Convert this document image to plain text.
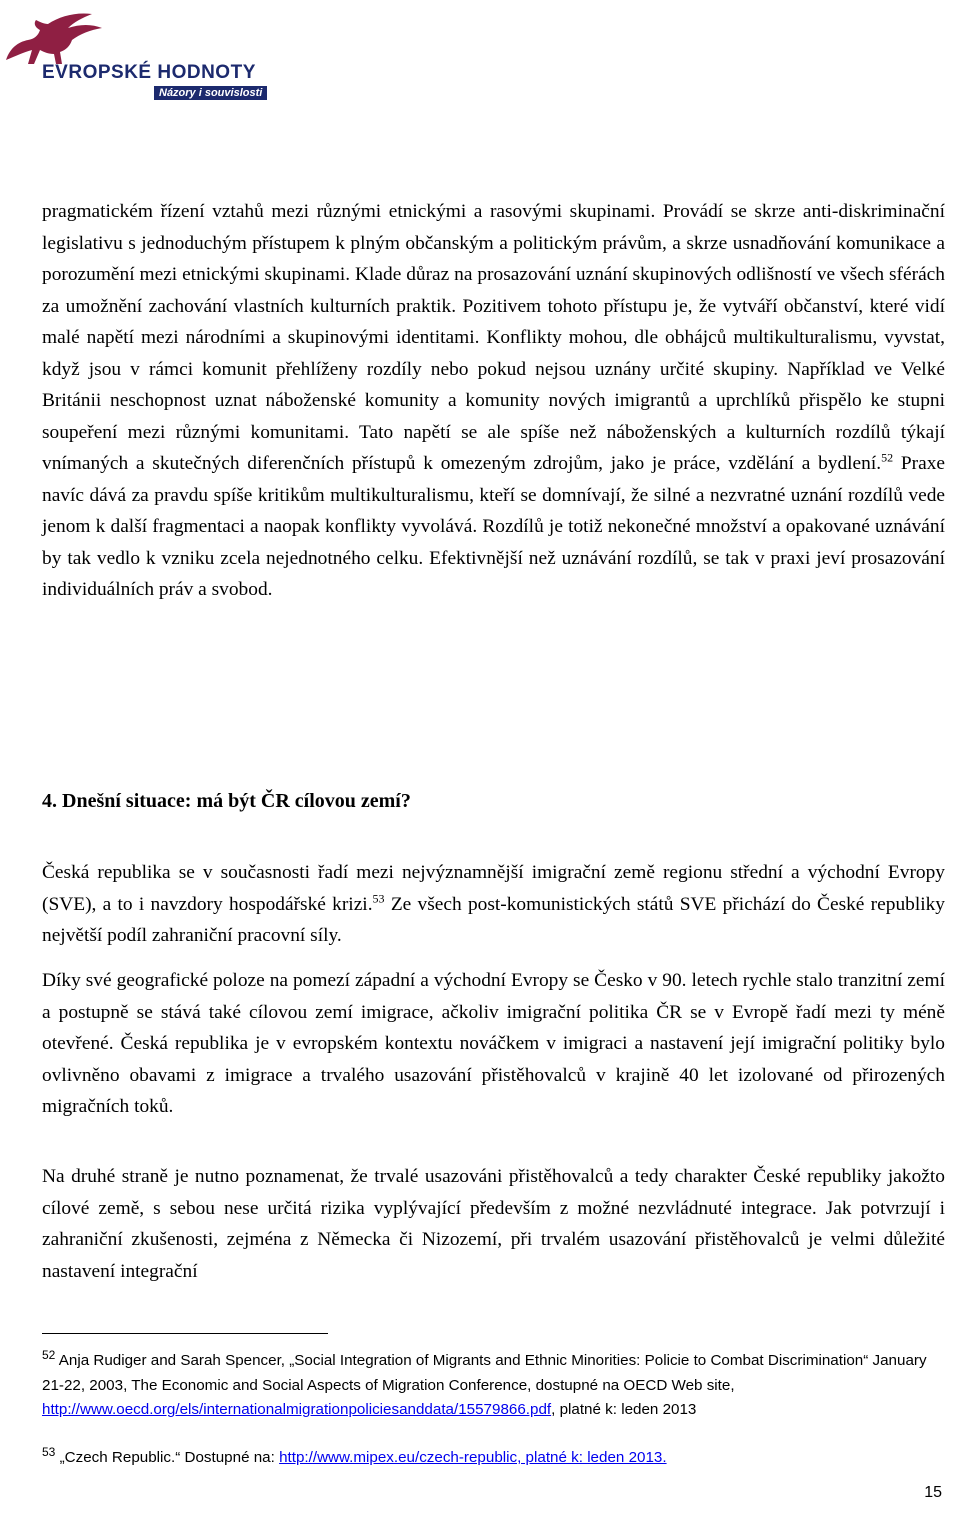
EVROPSKÉ HODNOTY
Názory i souvislosti

pragmatickém řízení vztahů mezi různými etnickými a rasovými skupinami. Provádí se skrze anti-diskriminační legislativu s jednoduchým přístupem k plným občanským a politickým právům, a skrze usnadňování komunikace a porozumění mezi etnickými skupinami. Klade důraz na prosazování uznání skupinových odlišností ve všech sférách za umožnění zachování vlastních kulturních praktik. Pozitivem tohoto přístupu je, že vytváří občanství, které vidí malé napětí mezi národními a skupinovými identitami. Konflikty mohou, dle obhájců multikulturalismu, vyvstat, když jsou v rámci komunit přehlíženy rozdíly nebo pokud nejsou uznány určité skupiny. Například ve Velké Británii neschopnost uznat náboženské komunity a komunity nových imigrantů a uprchlíků přispělo ke stupni soupeření mezi různými komunitami. Tato napětí se ale spíše než náboženských a kulturních rozdílů týkají vnímaných a skutečných diferenčních přístupů k omezeným zdrojům, jako je práce, vzdělání a bydlení.$^{52}$ Praxe navíc dává za pravdu spíše kritikům multikulturalismu, kteří se domnívají, že silné a nezvratné uznání rozdílů vede jenom k další fragmentaci a naopak konflikty vyvolává. Rozdílů je totiž nekonečné množství a opakované uznávání by tak vedlo k vzniku zcela nejednotného celku. Efektivnější než uznávání rozdílů, se tak v praxi jeví prosazování individuálních práv a svobod.

4. Dnešní situace: má být ČR cílovou zemí?

Česká republika se v současnosti řadí mezi nejvýznamnější imigrační země regionu střední a východní Evropy (SVE), a to i navzdory hospodářské krizi.$^{53}$ Ze všech post-komunistických států SVE přichází do České republiky největší podíl zahraniční pracovní síly.

Díky své geografické poloze na pomezí západní a východní Evropy se Česko v 90. letech rychle stalo tranzitní zemí a postupně se stává také cílovou zemí imigrace, ačkoliv imigrační politika ČR se v Evropě řadí mezi ty méně otevřené. Česká republika je v evropském kontextu nováčkem v imigraci a nastavení její imigrační politiky bylo ovlivněno obavami z imigrace a trvalého usazování přistěhovalců v krajině 40 let izolované od přirozených migračních toků.

Na druhé straně je nutno poznamenat, že trvalé usazováni přistěhovalců a tedy charakter České republiky jakožto cílové země, s sebou nese určitá rizika vyplývající především z možné nezvládnuté integrace. Jak potvrzují i zahraniční zkušenosti, zejména z Německa či Nizozemí, při trvalém usazování přistěhovalců je velmi důležité nastavení integrační

$^{52}$ Anja Rudiger and Sarah Spencer, „Social Integration of Migrants and Ethnic Minorities: Policie to Combat Discrimination“ January 21-22, 2003, The Economic and Social Aspects of Migration Conference, dostupné na OECD Web site, http://www.oecd.org/els/internationalmigrationpoliciesanddata/15579866.pdf, platné k: leden 2013
$^{53}$ „Czech Republic.“ Dostupné na: http://www.mipex.eu/czech-republic, platné k: leden 2013.
15
